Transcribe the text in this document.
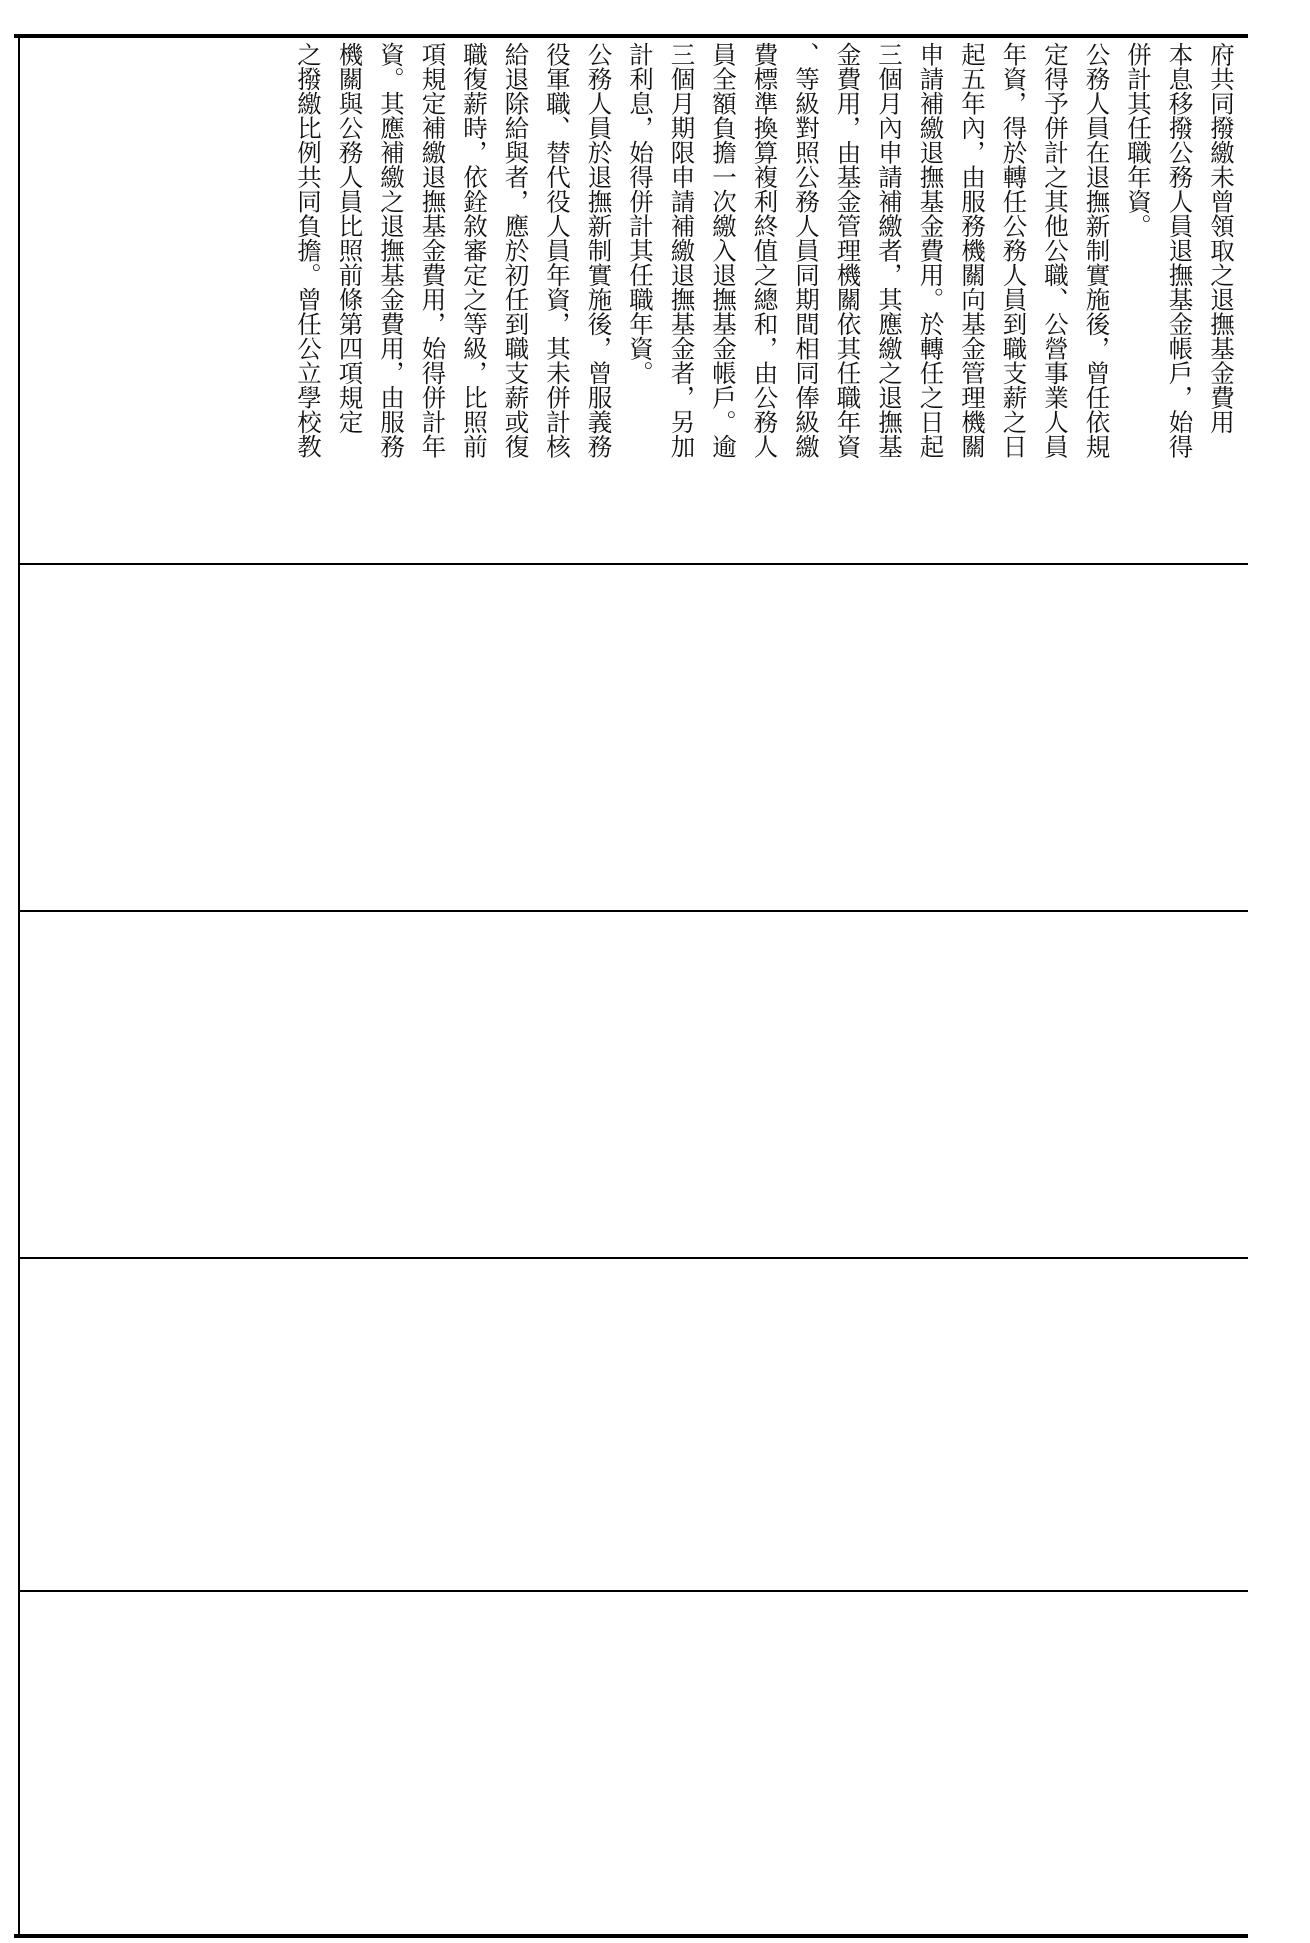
府共同撥繳未曾領取之退撫基金費用
本息移撥公務人員退撫基金帳戶，始得
併計其任職年資。

公務人員在退撫新制實施後，曾任依規
定得予併計之其他公職、公營事業人員
年資，得於轉任公務人員到職支薪之日
起五年內，由服務機關向基金管理機關
申請補繳退撫基金費用。於轉任之日起
三個月內申請補繳者，其應繳之退撫基
金費用，由基金管理機關依其任職年資
、等級對照公務人員同期間相同俸級繳
費標準換算複利終值之總和，由公務人
員全額負擔一次繳入退撫基金帳戶。逾
三個月期限申請補繳退撫基金者，另加
計利息，始得併計其任職年資。

公務人員於退撫新制實施後，曾服義務
役軍職、替代役人員年資，其未併計核
給退除給與者，應於初任到職支薪或復
職復薪時，依銓敘審定之等級，比照前
項規定補繳退撫基金費用，始得併計年
資。其應補繳之退撫基金費用，由服務
機關與公務人員比照前條第四項規定
之撥繳比例共同負擔。曾任公立學校教
